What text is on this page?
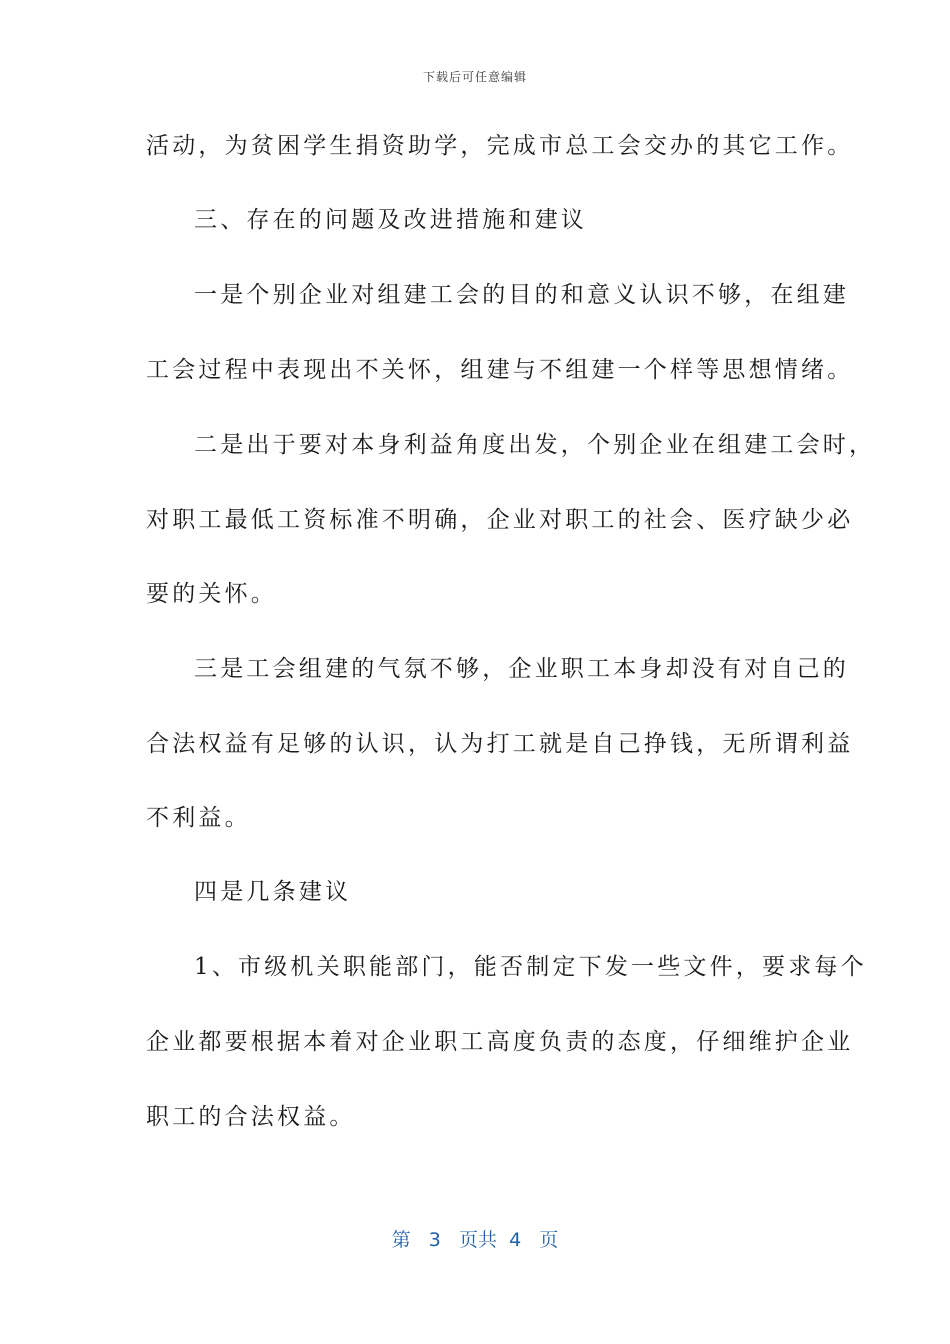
下载后可任意编辑
活动，为贫困学生捐资助学，完成市总工会交办的其它工作。
三、存在的问题及改进措施和建议
一是个别企业对组建工会的目的和意义认识不够，在组建
工会过程中表现出不关怀，组建与不组建一个样等思想情绪。
二是出于要对本身利益角度出发，个别企业在组建工会时，
对职工最低工资标准不明确，企业对职工的社会、医疗缺少必
要的关怀。
三是工会组建的气氛不够，企业职工本身却没有对自己的
合法权益有足够的认识，认为打工就是自己挣钱，无所谓利益
不利益。
四是几条建议
1、市级机关职能部门，能否制定下发一些文件，要求每个
企业都要根据本着对企业职工高度负责的态度，仔细维护企业
职工的合法权益。
第 3 页共 4 页
